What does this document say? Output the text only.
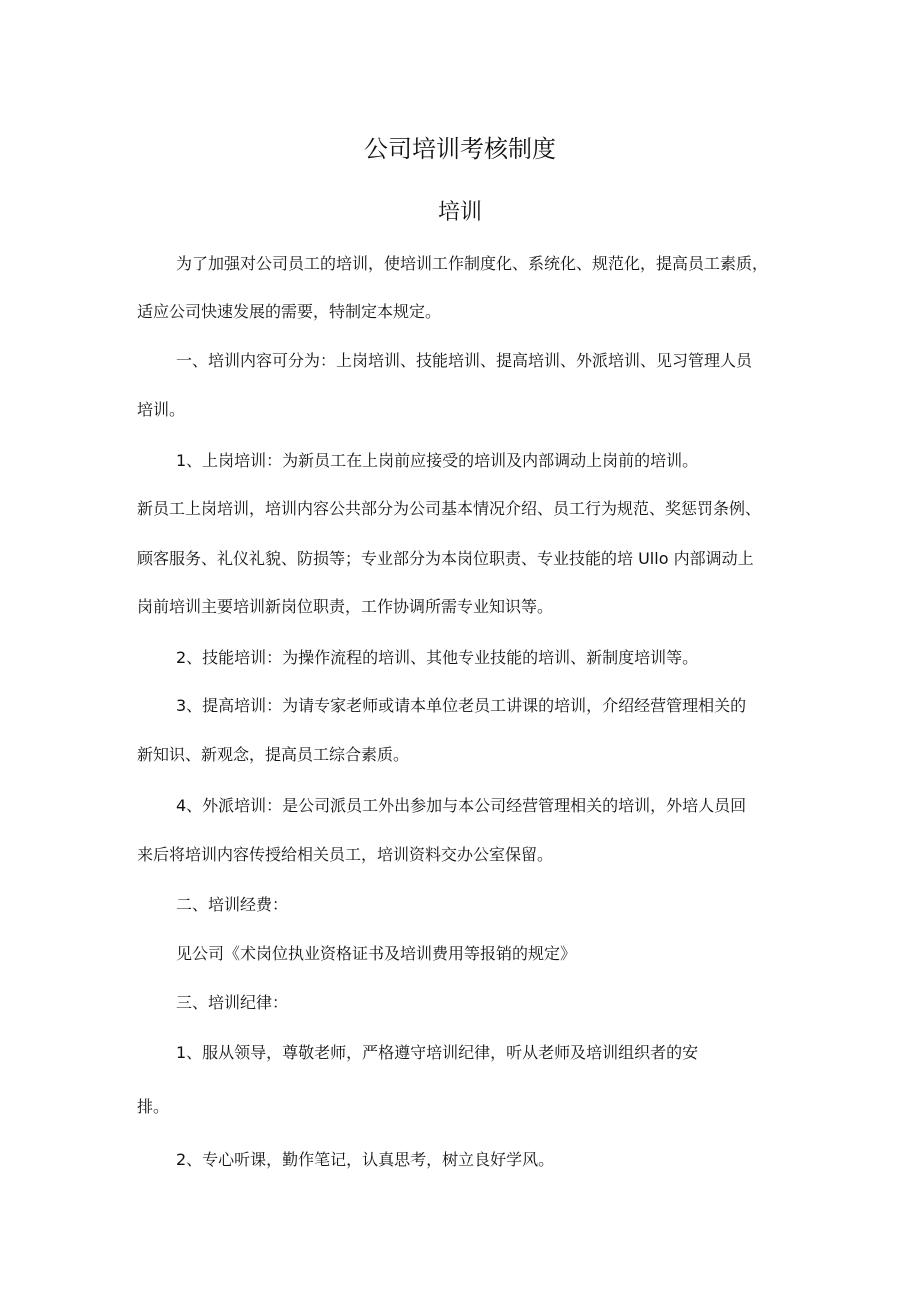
公司培训考核制度
培训
为了加强对公司员工的培训，使培训工作制度化、系统化、规范化，提高员工素质，
适应公司快速发展的需要，特制定本规定。
一、培训内容可分为：上岗培训、技能培训、提高培训、外派培训、见习管理人员
培训。
1、上岗培训：为新员工在上岗前应接受的培训及内部调动上岗前的培训。
新员工上岗培训，培训内容公共部分为公司基本情况介绍、员工行为规范、奖惩罚条例、
顾客服务、礼仪礼貌、防损等；专业部分为本岗位职责、专业技能的培 Ullo 内部调动上
岗前培训主要培训新岗位职责，工作协调所需专业知识等。
2、技能培训：为操作流程的培训、其他专业技能的培训、新制度培训等。
3、提高培训：为请专家老师或请本单位老员工讲课的培训，介绍经营管理相关的
新知识、新观念，提高员工综合素质。
4、外派培训：是公司派员工外出参加与本公司经营管理相关的培训，外培人员回
来后将培训内容传授给相关员工，培训资料交办公室保留。
二、培训经费：
见公司《术岗位执业资格证书及培训费用等报销的规定》
三、培训纪律：
1、服从领导，尊敬老师，严格遵守培训纪律，听从老师及培训组织者的安
排。
2、专心听课，勤作笔记，认真思考，树立良好学风。
